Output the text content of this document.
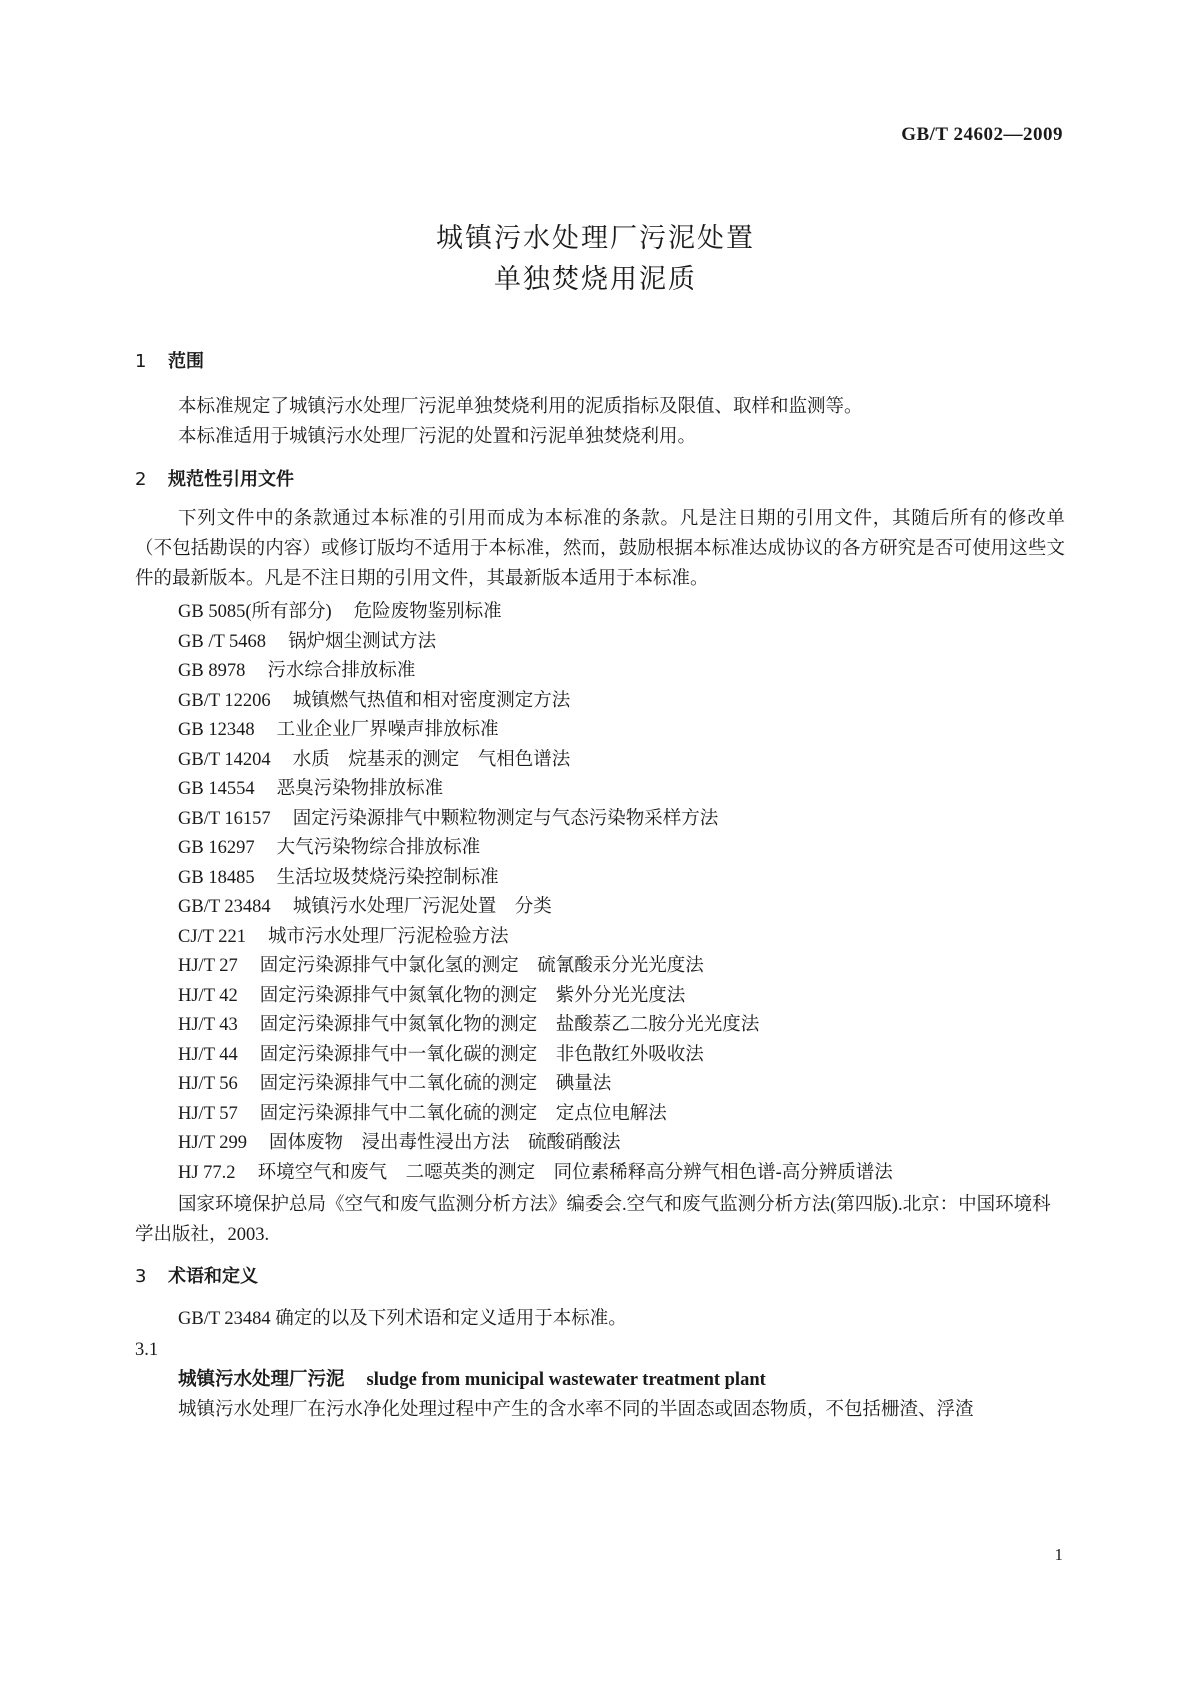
GB/T 24602—2009
城镇污水处理厂污泥处置
单独焚烧用泥质
1 范围

本标准规定了城镇污水处理厂污泥单独焚烧利用的泥质指标及限值、取样和监测等。

本标准适用于城镇污水处理厂污泥的处置和污泥单独焚烧利用。

2 规范性引用文件

下列文件中的条款通过本标准的引用而成为本标准的条款。凡是注日期的引用文件，其随后所有的修改单（不包括勘误的内容）或修订版均不适用于本标准，然而，鼓励根据本标准达成协议的各方研究是否可使用这些文件的最新版本。凡是不注日期的引用文件，其最新版本适用于本标准。

GB 5085(所有部分) 危险废物鉴别标准
GB /T 5468 锅炉烟尘测试方法
GB 8978 污水综合排放标准
GB/T 12206 城镇燃气热值和相对密度测定方法
GB 12348 工业企业厂界噪声排放标准
GB/T 14204 水质　烷基汞的测定　气相色谱法
GB 14554 恶臭污染物排放标准
GB/T 16157 固定污染源排气中颗粒物测定与气态污染物采样方法
GB 16297 大气污染物综合排放标准
GB 18485 生活垃圾焚烧污染控制标准
GB/T 23484 城镇污水处理厂污泥处置　分类
CJ/T 221 城市污水处理厂污泥检验方法
HJ/T 27 固定污染源排气中氯化氢的测定　硫氰酸汞分光光度法
HJ/T 42 固定污染源排气中氮氧化物的测定　紫外分光光度法
HJ/T 43 固定污染源排气中氮氧化物的测定　盐酸萘乙二胺分光光度法
HJ/T 44 固定污染源排气中一氧化碳的测定　非色散红外吸收法
HJ/T 56 固定污染源排气中二氧化硫的测定　碘量法
HJ/T 57 固定污染源排气中二氧化硫的测定　定点位电解法
HJ/T 299 固体废物　浸出毒性浸出方法　硫酸硝酸法
HJ 77.2 环境空气和废气　二噁英类的测定　同位素稀释高分辨气相色谱-高分辨质谱法
国家环境保护总局《空气和废气监测分析方法》编委会.空气和废气监测分析方法(第四版).北京：中国环境科学出版社，2003.
3 术语和定义
GB/T 23484 确定的以及下列术语和定义适用于本标准。
3.1
城镇污水处理厂污泥 sludge from municipal wastewater treatment plant
城镇污水处理厂在污水净化处理过程中产生的含水率不同的半固态或固态物质，不包括栅渣、浮渣
1
